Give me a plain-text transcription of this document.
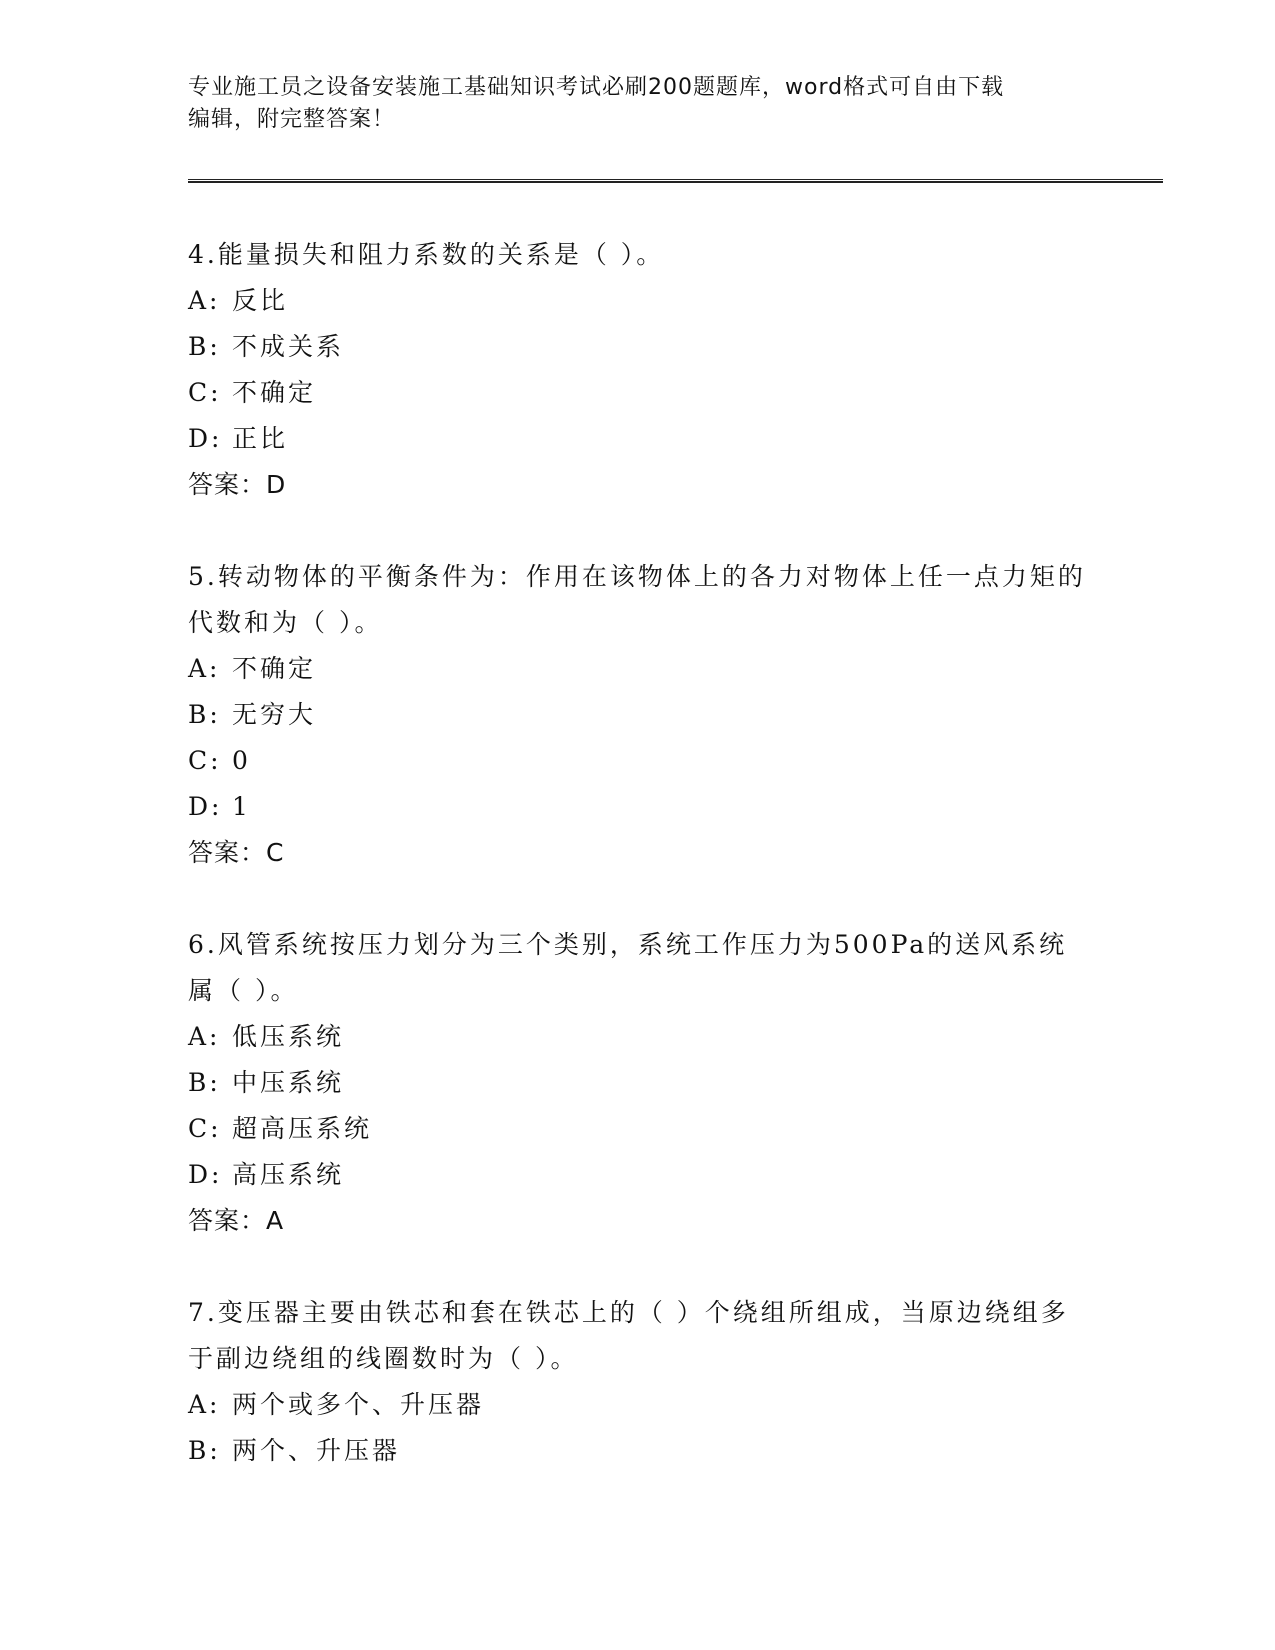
专业施工员之设备安装施工基础知识考试必刷200题题库，word格式可自由下载
编辑，附完整答案！

4.能量损失和阻力系数的关系是（ ）。

A: 反比

B: 不成关系

C: 不确定

D: 正比

答案：D

5.转动物体的平衡条件为：作用在该物体上的各力对物体上任一点力矩的代数和为（ ）。

A: 不确定

B: 无穷大

C: 0

D: 1

答案：C

6.风管系统按压力划分为三个类别，系统工作压力为500Pa的送风系统属（ ）。

A: 低压系统

B: 中压系统

C: 超高压系统

D: 高压系统

答案：A

7.变压器主要由铁芯和套在铁芯上的（ ）个绕组所组成，当原边绕组多于副边绕组的线圈数时为（ ）。

A: 两个或多个、升压器

B: 两个、升压器
